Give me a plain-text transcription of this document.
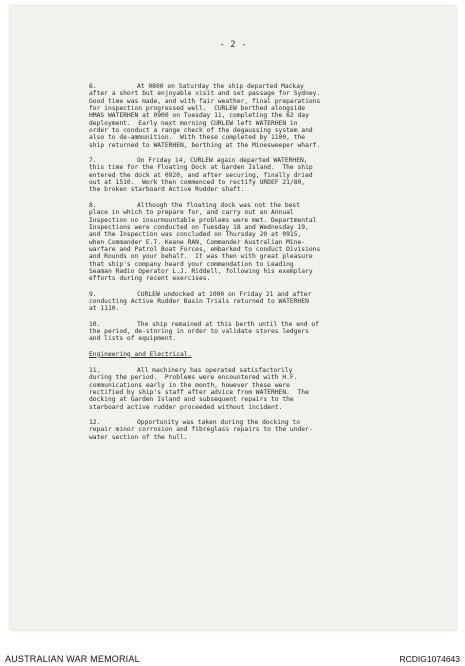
- 2 -
6.	At 0800 on Saturday the ship departed Mackay
after a short but enjoyable visit and set passage for Sydney.
Good time was made, and with fair weather, final preparations
for inspection progressed well.  CURLEW berthed alongside
HMAS WATERHEN at 0900 on Tuesday 11, completing the 62 day
deployment.  Early next morning CURLEW left WATERHEN in
order to conduct a range check of the degaussing system and
also to de-ammunition.  With these completed by 1100, the
ship returned to WATERHEN, berthing at the Minesweeper wharf.
7.	On Friday 14, CURLEW again departed WATERHEN,
this time for the Floating Dock at Garden Island.  The ship
entered the dock at 0920, and after securing, finally dried
out at 1510.  Work then commenced to rectify URDEF 21/80,
the broken starboard Active Rudder shaft.
8.	Although the floating dock was not the best
place in which to prepare for, and carry out an Annual
Inspection no insurmountable problems were met. Departmental
Inspections were conducted on Tuesday 18 and Wednesday 19,
and the Inspection was concluded on Thursday 20 at 0915,
when Commander E.T. Keane RAN, Commander Australian Mine-
warfare and Patrol Boat Forces, embarked to conduct Divisions
and Rounds on your behalf.  It was then with great pleasure
that ship's company heard your commendation to Leading
Seaman Radio Operator L.J. Riddell, following his exemplary
efforts during recent exercises.
9.	CURLEW undocked at 1000 on Friday 21 and after
conducting Active Rudder Basin Trials returned to WATERHEN
at 1110.
10.	The ship remained at this berth until the end of
the period, de-storing in order to validate stores ledgers
and lists of equipment.
Engineering and Electrical.
11.	All machinery has operated satisfactorily
during the period.  Problems were encountered with H.F.
communications early in the month, however these were
rectified by ship's staff after advice from WATERHEN.  The
docking at Garden Island and subsequent repairs to the
starboard active rudder proceeded without incident.
12.	Opportunity was taken during the docking to
repair minor corrosion and fibreglass repairs to the under-
water section of the hull.
AUSTRALIAN WAR MEMORIAL	RCDIG1074643
